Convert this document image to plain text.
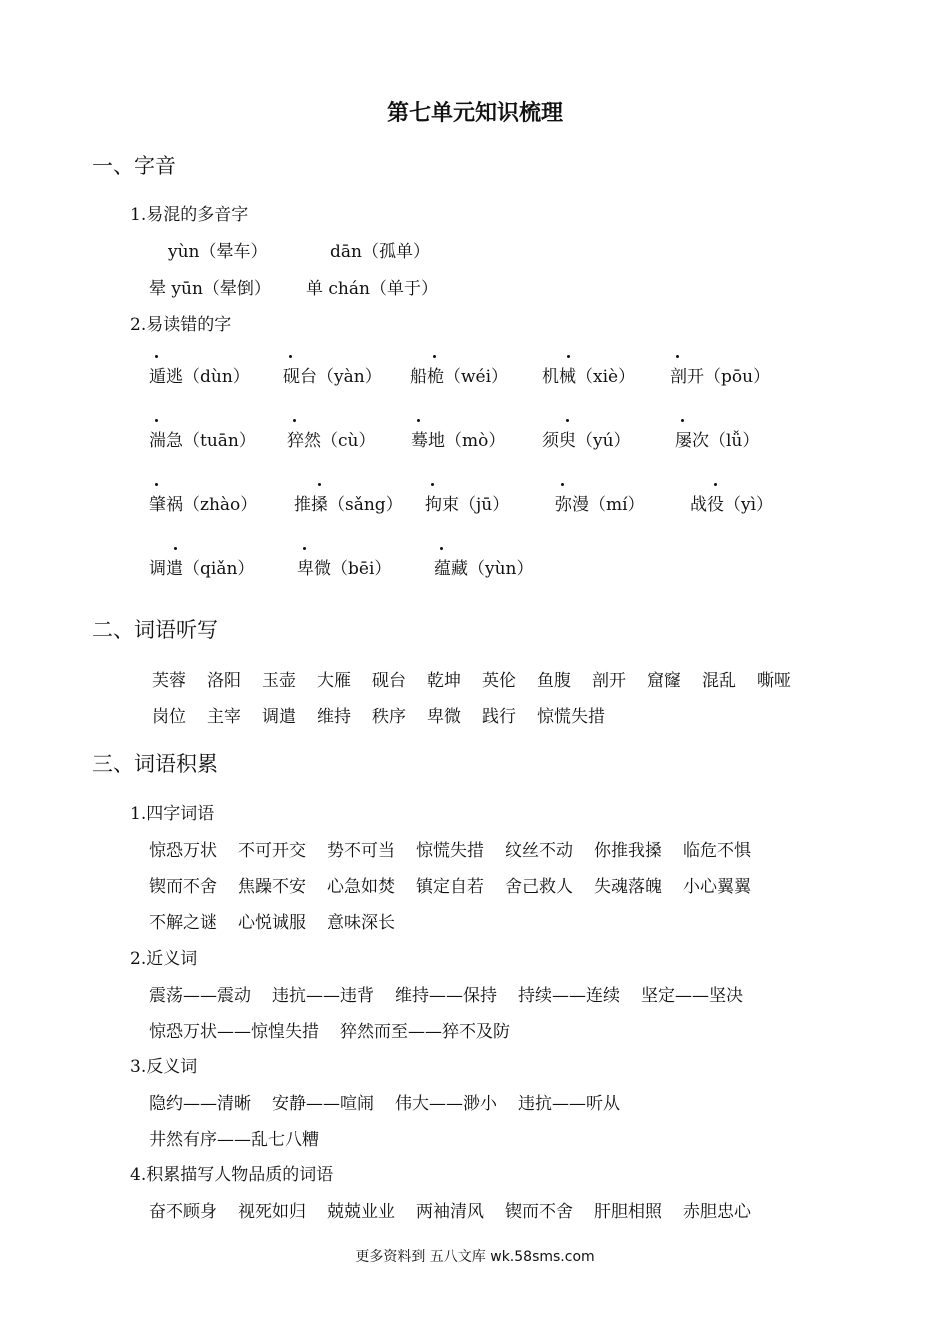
第七单元知识梳理
一、字音
1.易混的多音字
yùn（晕车）	dān（孤单）
晕 yūn（晕倒） 单 chán（单于）
2.易读错的字
遁逃（dùn） 砚台（yàn） 船桅（wéi） 机械（xiè） 剖开（pōu）
湍急（tuān） 猝然（cù） 蓦地（mò） 须臾（yú）	屡次（lǚ）
肇祸（zhào） 推搡（sǎng） 拘束（jū）	弥漫（mí）	战役（yì）
调遣（qiǎn）	卑微（bēi）	蕴藏（yùn）
二、词语听写
芙蓉 洛阳 玉壶 大雁 砚台 乾坤 英伦 鱼腹 剖开 窟窿 混乱 嘶哑
岗位 主宰 调遣 维持 秩序 卑微 践行 惊慌失措
三、词语积累
1.四字词语
惊恐万状 不可开交 势不可当 惊慌失措 纹丝不动 你推我搡 临危不惧
锲而不舍 焦躁不安 心急如焚 镇定自若 舍己救人 失魂落魄 小心翼翼
不解之谜 心悦诚服 意味深长
2.近义词
震荡——震动 违抗——违背 维持——保持 持续——连续 坚定——坚决
惊恐万状——惊惶失措 猝然而至——猝不及防
3.反义词
隐约——清晰 安静——喧闹 伟大——渺小 违抗——听从
井然有序——乱七八糟
4.积累描写人物品质的词语
奋不顾身 视死如归 兢兢业业 两袖清风 锲而不舍 肝胆相照 赤胆忠心
更多资料到 五八文库 wk.58sms.com
